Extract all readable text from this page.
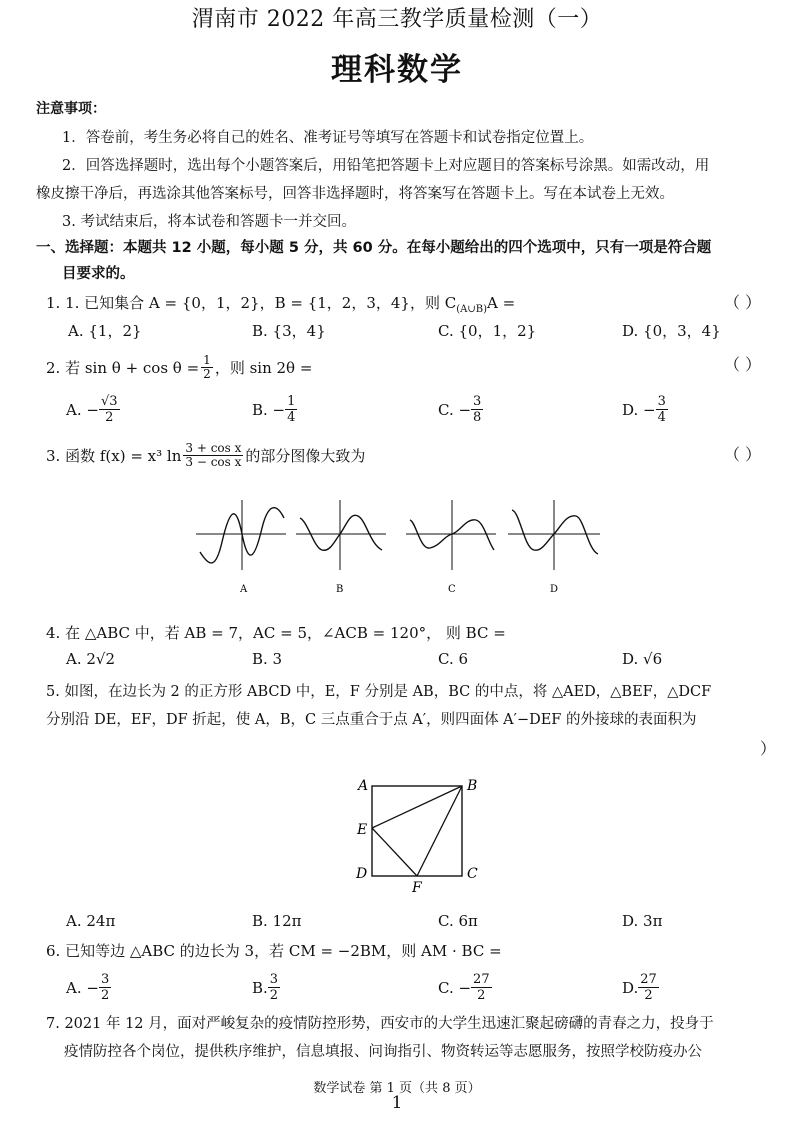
渭南市 2022 年高三教学质量检测（一）
理科数学
注意事项：
1．答卷前，考生务必将自己的姓名、准考证号等填写在答题卡和试卷指定位置上。
2．回答选择题时，选出每个小题答案后，用铅笔把答题卡上对应题目的答案标号涂黑。如需改动，用
橡皮擦干净后，再选涂其他答案标号，回答非选择题时，将答案写在答题卡上。写在本试卷上无效。
3. 考试结束后，将本试卷和答题卡一并交回。
一、选择题：本题共 12 小题，每小题 5 分，共 60 分。在每小题给出的四个选项中，只有一项是符合题
目要求的。
1. 1. 已知集合 A = {0，1，2}，B = {1，2，3，4}，则 $C_{(A\cup B)}A$ =	（ ）
A. {1，2}	B. {3，4}	C. {0，1，2}	D. {0，3，4}
2. 若 $\sin \theta + \cos \theta = \frac{1}{2}$ ，则 sin 2θ =	（ ）
A. − $\frac{√3}{2}$	B. − $\frac{1}{4}$	C. − $\frac{3}{8}$	D. − $\frac{3}{4}$
3. 函数 f(x) = x³ $\ln \frac{\text{3 + cos x}}{\text{3 − cos x}}$ 的部分图像大致为	（ ）
A	B	C	D
4. 在 △ABC 中，若 AB = 7，AC = 5，∠ACB = 120°， 则 BC =
A. 2√2	B. 3	C. 6	D. √6
5. 如图，在边长为 2 的正方形 ABCD 中，E，F 分别是 AB，BC 的中点，将 △AED，△BEF，△DCF
分别沿 DE，EF，DF 折起，使 A，B，C 三点重合于点 A′，则四面体 A′−DEF 的外接球的表面积为
）
A	B
C
D
E
F
A. 24π	B. 12π	C. 6π	D. 3π
6. 已知等边 △ABC 的边长为 3，若 CM = −2BM，则 AM · BC =
A. − $\frac{3}{2}$	B. $\frac{3}{2}$	C. − $\frac{27}{2}$	D. $\frac{27}{2}$
7. 2021 年 12 月，面对严峻复杂的疫情防控形势，西安市的大学生迅速汇聚起磅礴的青春之力，投身于
疫情防控各个岗位，提供秩序维护，信息填报、问询指引、物资转运等志愿服务，按照学校防疫办公
数学试卷 第 1 页（共 8 页）
1
